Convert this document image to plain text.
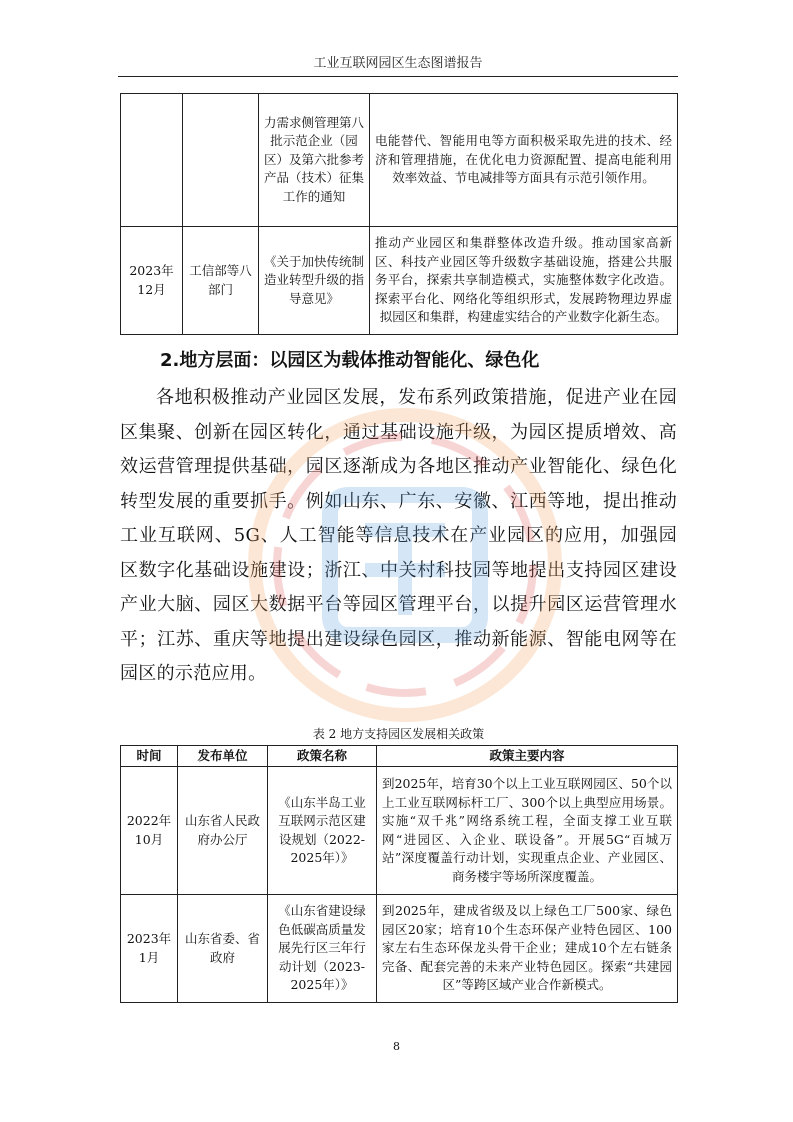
工业互联网园区生态图谱报告
		力需求侧管理第八批示范企业（园区）及第六批参考产品（技术）征集工作的通知	电能替代、智能用电等方面积极采取先进的技术、经济和管理措施，在优化电力资源配置、提高电能利用效率效益、节电减排等方面具有示范引领作用。
2023年12月	工信部等八部门	《关于加快传统制造业转型升级的指导意见》	推动产业园区和集群整体改造升级。推动国家高新区、科技产业园区等升级数字基础设施，搭建公共服务平台，探索共享制造模式，实施整体数字化改造。探索平台化、网络化等组织形式，发展跨物理边界虚拟园区和集群，构建虚实结合的产业数字化新生态。
2.地方层面：以园区为载体推动智能化、绿色化

各地积极推动产业园区发展，发布系列政策措施，促进产业在园区集聚、创新在园区转化，通过基础设施升级，为园区提质增效、高效运营管理提供基础，园区逐渐成为各地区推动产业智能化、绿色化转型发展的重要抓手。例如山东、广东、安徽、江西等地，提出推动工业互联网、5G、人工智能等信息技术在产业园区的应用，加强园区数字化基础设施建设；浙江、中关村科技园等地提出支持园区建设产业大脑、园区大数据平台等园区管理平台，以提升园区运营管理水平；江苏、重庆等地提出建设绿色园区，推动新能源、智能电网等在园区的示范应用。

表 2 地方支持园区发展相关政策
时间	发布单位	政策名称	政策主要内容
2022年10月	山东省人民政府办公厅	《山东半岛工业互联网示范区建设规划（2022-2025年）》	到2025年，培育30个以上工业互联网园区、50个以上工业互联网标杆工厂、300个以上典型应用场景。实施“双千兆”网络系统工程，全面支撑工业互联网“进园区、入企业、联设备”。开展5G“百城万站”深度覆盖行动计划，实现重点企业、产业园区、商务楼宇等场所深度覆盖。
2023年1月	山东省委、省政府	《山东省建设绿色低碳高质量发展先行区三年行动计划（2023-2025年）》	到2025年，建成省级及以上绿色工厂500家、绿色园区20家；培育10个生态环保产业特色园区、100家左右生态环保龙头骨干企业；建成10个左右链条完备、配套完善的未来产业特色园区。探索“共建园区”等跨区域产业合作新模式。
8
